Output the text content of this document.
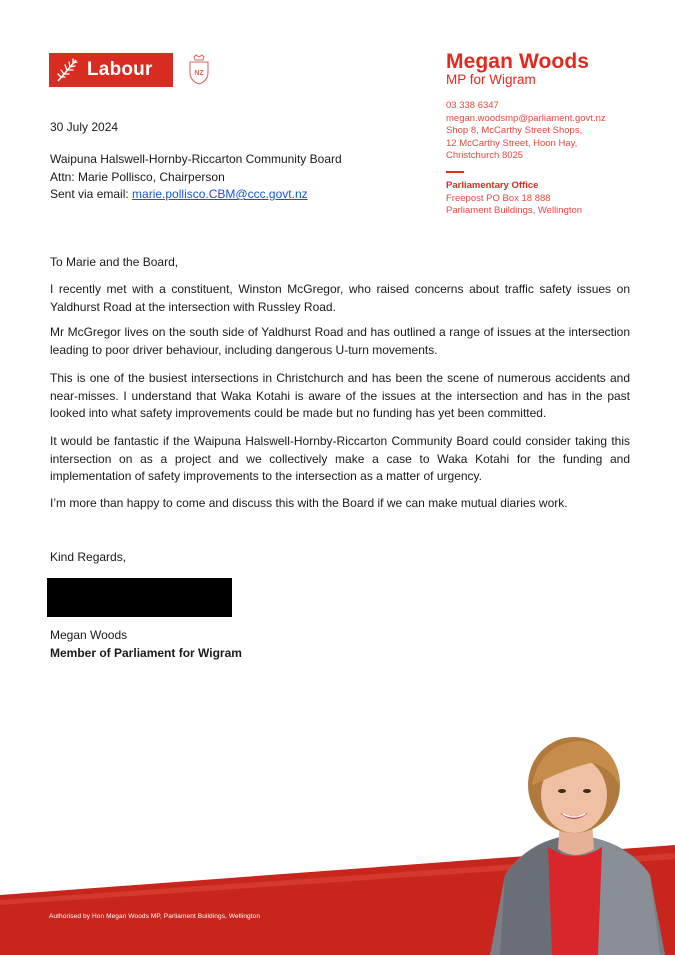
Labour	NZ
Megan Woods
MP for Wigram
03 338 6347
megan.woodsmp@parliament.govt.nz
Shop 8, McCarthy Street Shops,
12 McCarthy Street, Hoon Hay,
Christchurch 8025
Parliamentary Office
Freepost PO Box 18 888
Parliament Buildings, Wellington
30 July 2024
Waipuna Halswell-Hornby-Riccarton Community Board
Attn: Marie Pollisco, Chairperson
Sent via email: marie.pollisco.CBM@ccc.govt.nz
To Marie and the Board,
I recently met with a constituent, Winston McGregor, who raised concerns about traffic safety issues on Yaldhurst Road at the intersection with Russley Road.
Mr McGregor lives on the south side of Yaldhurst Road and has outlined a range of issues at the intersection leading to poor driver behaviour, including dangerous U-turn movements.
This is one of the busiest intersections in Christchurch and has been the scene of numerous accidents and near-misses. I understand that Waka Kotahi is aware of the issues at the intersection and has in the past looked into what safety improvements could be made but no funding has yet been committed.
It would be fantastic if the Waipuna Halswell-Hornby-Riccarton Community Board could consider taking this intersection on as a project and we collectively make a case to Waka Kotahi for the funding and implementation of safety improvements to the intersection as a matter of urgency.
I’m more than happy to come and discuss this with the Board if we can make mutual diaries work.
Kind Regards,
Megan Woods
Member of Parliament for Wigram
Authorised by Hon Megan Woods MP, Parliament Buildings, Wellington
